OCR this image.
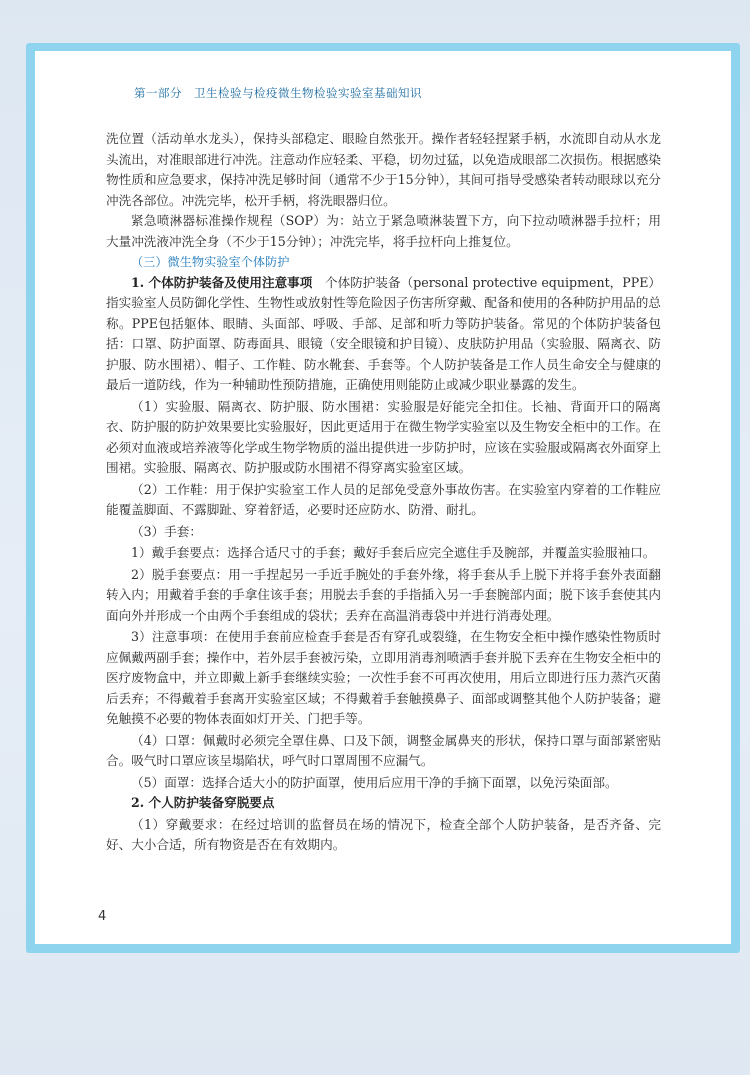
第一部分 卫生检验与检疫微生物检验实验室基础知识

洗位置（活动单水龙头），保持头部稳定、眼睑自然张开。操作者轻轻捏紧手柄，水流即自动从水龙头流出，对准眼部进行冲洗。注意动作应轻柔、平稳，切勿过猛，以免造成眼部二次损伤。根据感染物性质和应急要求，保持冲洗足够时间（通常不少于15分钟），其间可指导受感染者转动眼球以充分冲洗各部位。冲洗完毕，松开手柄，将洗眼器归位。

紧急喷淋器标准操作规程（SOP）为：站立于紧急喷淋装置下方，向下拉动喷淋器手拉杆；用大量冲洗液冲洗全身（不少于15分钟）；冲洗完毕，将手拉杆向上推复位。

（三）微生物实验室个体防护

1. 个体防护装备及使用注意事项　个体防护装备（personal protective equipment，PPE）指实验室人员防御化学性、生物性或放射性等危险因子伤害所穿戴、配备和使用的各种防护用品的总称。PPE包括躯体、眼睛、头面部、呼吸、手部、足部和听力等防护装备。常见的个体防护装备包括：口罩、防护面罩、防毒面具、眼镜（安全眼镜和护目镜）、皮肤防护用品（实验服、隔离衣、防护服、防水围裙）、帽子、工作鞋、防水靴套、手套等。个人防护装备是工作人员生命安全与健康的最后一道防线，作为一种辅助性预防措施，正确使用则能防止或减少职业暴露的发生。

（1）实验服、隔离衣、防护服、防水围裙：实验服是好能完全扣住。长袖、背面开口的隔离衣、防护服的防护效果要比实验服好，因此更适用于在微生物学实验室以及生物安全柜中的工作。在必须对血液或培养液等化学或生物学物质的溢出提供进一步防护时，应该在实验服或隔离衣外面穿上围裙。实验服、隔离衣、防护服或防水围裙不得穿离实验室区域。

（2）工作鞋：用于保护实验室工作人员的足部免受意外事故伤害。在实验室内穿着的工作鞋应能覆盖脚面、不露脚趾、穿着舒适，必要时还应防水、防滑、耐扎。

（3）手套：

1）戴手套要点：选择合适尺寸的手套；戴好手套后应完全遮住手及腕部，并覆盖实验服袖口。

2）脱手套要点：用一手捏起另一手近手腕处的手套外缘，将手套从手上脱下并将手套外表面翻转入内；用戴着手套的手拿住该手套；用脱去手套的手指插入另一手套腕部内面；脱下该手套使其内面向外并形成一个由两个手套组成的袋状；丢弃在高温消毒袋中并进行消毒处理。

3）注意事项：在使用手套前应检查手套是否有穿孔或裂缝，在生物安全柜中操作感染性物质时应佩戴两副手套；操作中，若外层手套被污染，立即用消毒剂喷洒手套并脱下丢弃在生物安全柜中的医疗废物盒中，并立即戴上新手套继续实验；一次性手套不可再次使用，用后立即进行压力蒸汽灭菌后丢弃；不得戴着手套离开实验室区域；不得戴着手套触摸鼻子、面部或调整其他个人防护装备；避免触摸不必要的物体表面如灯开关、门把手等。

（4）口罩：佩戴时必须完全罩住鼻、口及下颌，调整金属鼻夹的形状，保持口罩与面部紧密贴合。吸气时口罩应该呈塌陷状，呼气时口罩周围不应漏气。

（5）面罩：选择合适大小的防护面罩，使用后应用干净的手摘下面罩，以免污染面部。

2. 个人防护装备穿脱要点

（1）穿戴要求：在经过培训的监督员在场的情况下，检查全部个人防护装备，是否齐备、完好、大小合适，所有物资是否在有效期内。

4
